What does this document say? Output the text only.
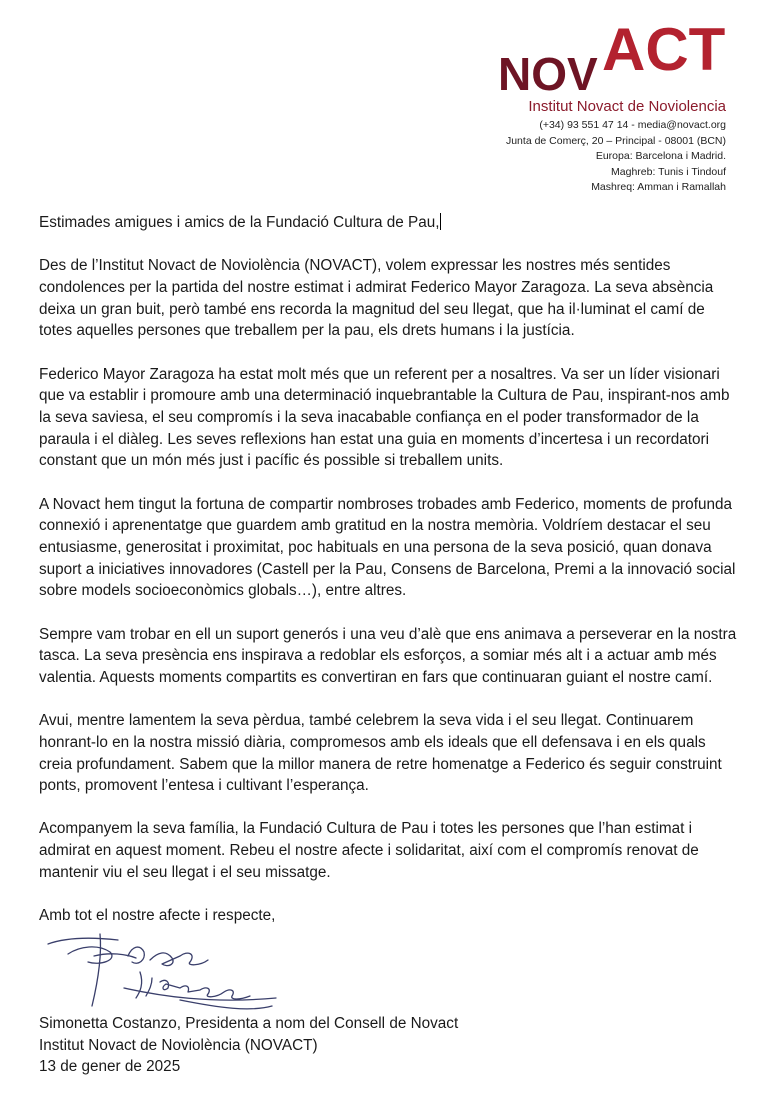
NOV ACT
Institut Novact de Noviolencia
(+34) 93 551 47 14 - media@novact.org
Junta de Comerç, 20 – Principal - 08001 (BCN)
Europa: Barcelona i Madrid.
Maghreb: Tunis i Tindouf
Mashreq: Amman i Ramallah

Estimades amigues i amics de la Fundació Cultura de Pau,

Des de l’Institut Novact de Noviolència (NOVACT), volem expressar les nostres més sentides condolences per la partida del nostre estimat i admirat Federico Mayor Zaragoza. La seva absència deixa un gran buit, però també ens recorda la magnitud del seu llegat, que ha il·luminat el camí de totes aquelles persones que treballem per la pau, els drets humans i la justícia.

Federico Mayor Zaragoza ha estat molt més que un referent per a nosaltres. Va ser un líder visionari que va establir i promoure amb una determinació inquebrantable la Cultura de Pau, inspirant-nos amb la seva saviesa, el seu compromís i la seva inacabable confiança en el poder transformador de la paraula i el diàleg. Les seves reflexions han estat una guia en moments d’incertesa i un recordatori constant que un món més just i pacífic és possible si treballem units.

A Novact hem tingut la fortuna de compartir nombroses trobades amb Federico, moments de profunda connexió i aprenentatge que guardem amb gratitud en la nostra memòria. Voldríem destacar el seu entusiasme, generositat i proximitat, poc habituals en una persona de la seva posició, quan donava suport a iniciatives innovadores (Castell per la Pau, Consens de Barcelona, Premi a la innovació social sobre models socioeconòmics globals…), entre altres.

Sempre vam trobar en ell un suport generós i una veu d’alè que ens animava a perseverar en la nostra tasca. La seva presència ens inspirava a redoblar els esforços, a somiar més alt i a actuar amb més valentia. Aquests moments compartits es convertiran en fars que continuaran guiant el nostre camí.

Avui, mentre lamentem la seva pèrdua, també celebrem la seva vida i el seu llegat. Continuarem honrant-lo en la nostra missió diària, compromesos amb els ideals que ell defensava i en els quals creia profundament. Sabem que la millor manera de retre homenatge a Federico és seguir construint ponts, promovent l’entesa i cultivant l’esperança.

Acompanyem la seva família, la Fundació Cultura de Pau i totes les persones que l’han estimat i admirat en aquest moment. Rebeu el nostre afecte i solidaritat, així com el compromís renovat de mantenir viu el seu llegat i el seu missatge.

Amb tot el nostre afecte i respecte,

Simonetta Costanzo, Presidenta a nom del Consell de Novact
Institut Novact de Noviolència (NOVACT)
13 de gener de 2025
